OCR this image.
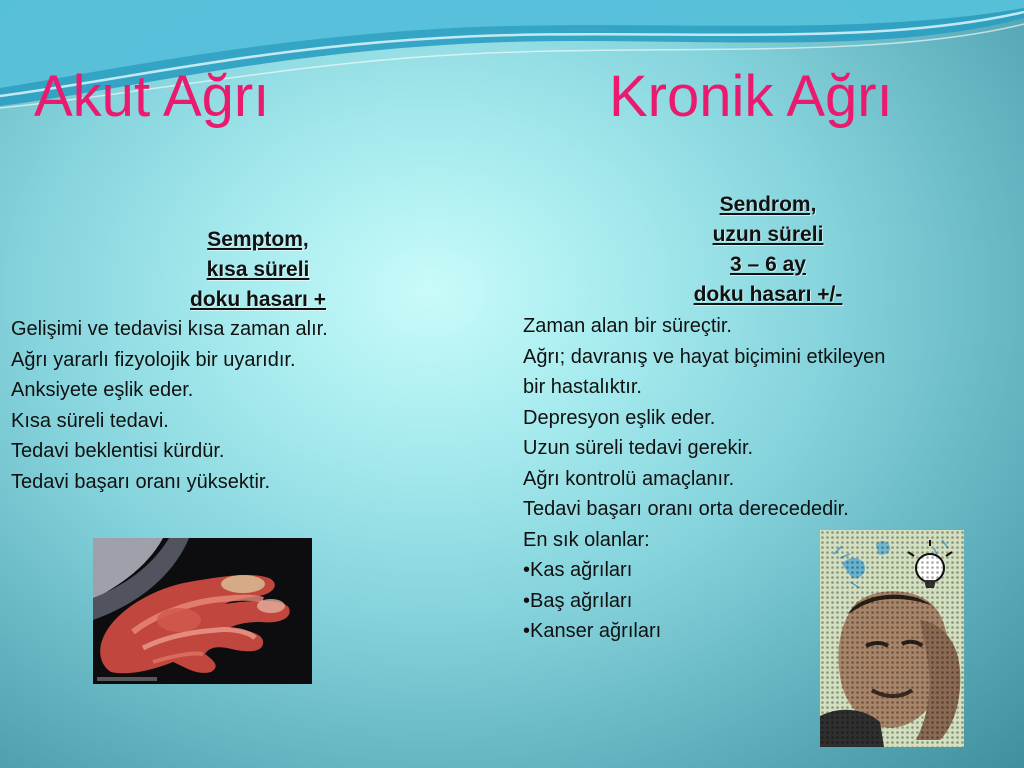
Akut Ağrı	Kronik Ağrı
Semptom,
kısa süreli
doku hasarı +
Gelişimi ve tedavisi kısa zaman alır.
Ağrı yararlı fizyolojik bir uyarıdır.
Anksiyete eşlik eder.
Kısa süreli tedavi.
Tedavi beklentisi kürdür.
Tedavi başarı oranı yüksektir.
Sendrom,
uzun süreli
3 – 6 ay
doku hasarı +/-
Zaman alan bir süreçtir.
Ağrı; davranış ve hayat biçimini etkileyen
bir hastalıktır.
Depresyon eşlik eder.
Uzun süreli tedavi gerekir.
Ağrı kontrolü amaçlanır.
Tedavi başarı oranı orta derecededir.
En sık olanlar:
•Kas ağrıları
•Baş ağrıları
•Kanser ağrıları
